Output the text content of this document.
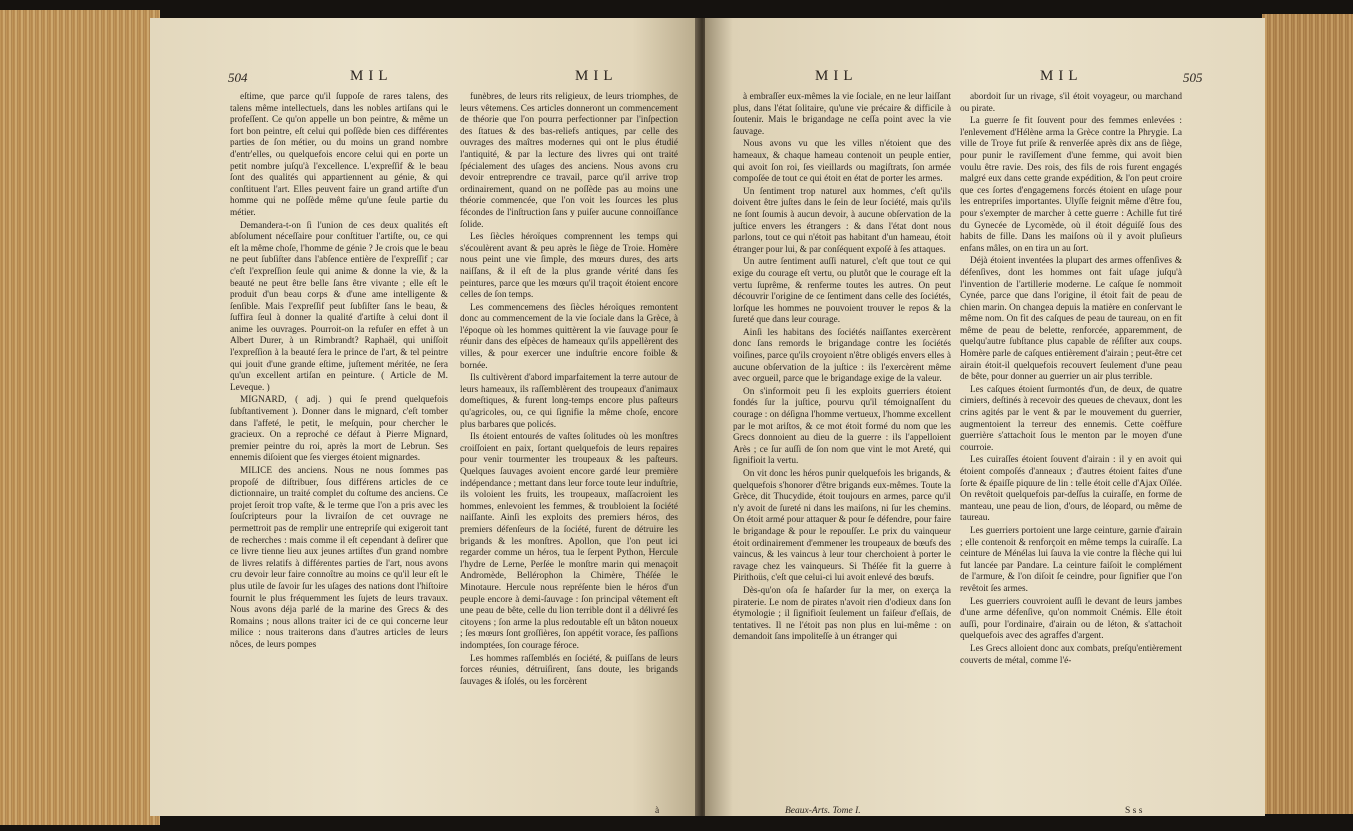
504	MIL	MIL

eſtime, que parce qu'il ſuppoſe de rares talens, des talens même intellectuels, dans les nobles artiſans qui le profeſſent. Ce qu'on appelle un bon peintre, & même un fort bon peintre, eſt celui qui poſſède bien ces différentes parties de ſon métier, ou du moins un grand nombre d'entr'elles, ou quelquefois encore celui qui en porte un petit nombre juſqu'à l'excellence. L'expreſſif & le beau ſont des qualités qui appartiennent au génie, & qui conſtituent l'art. Elles peuvent faire un grand artiſte d'un homme qui ne poſſède même qu'une ſeule partie du métier.

Demandera-t-on ſi l'union de ces deux qualités eſt abſolument néceſſaire pour conſtituer l'artiſte, ou, ce qui eſt la même choſe, l'homme de génie ? Je crois que le beau ne peut ſubſiſter dans l'abſence entière de l'expreſſif ; car c'eſt l'expreſſion ſeule qui anime & donne la vie, & la beauté ne peut être belle ſans être vivante ; elle eſt le produit d'un beau corps & d'une ame intelligente & ſenſible. Mais l'expreſſif peut ſubſiſter ſans le beau, & ſuffira ſeul à donner la qualité d'artiſte à celui dont il anime les ouvrages. Pourroit-on la refuſer en effet à un Albert Durer, à un Rimbrandt? Raphaël, qui uniſſoit l'expreſſion à la beauté ſera le prince de l'art, & tel peintre qui jouit d'une grande eſtime, juſtement méritée, ne ſera qu'un excellent artiſan en peinture. ( Article de M. Leveque. )

MIGNARD, ( adj. ) qui ſe prend quelquefois ſubſtantivement ). Donner dans le mignard, c'eſt tomber dans l'affeté, le petit, le meſquin, pour chercher le gracieux. On a reproché ce défaut à Pierre Mignard, premier peintre du roi, après la mort de Lebrun. Ses ennemis diſoient que ſes vierges étoient mignardes.

MILICE des anciens. Nous ne nous ſommes pas propoſé de diſtribuer, ſous différens articles de ce dictionnaire, un traité complet du coſtume des anciens. Ce projet ſeroit trop vaſte, & le terme que l'on a pris avec les ſouſcripteurs pour la livraiſon de cet ouvrage ne permettroit pas de remplir une entrepriſe qui exigeroit tant de recherches : mais comme il eſt cependant à deſirer que ce livre tienne lieu aux jeunes artiſtes d'un grand nombre de livres relatifs à différentes parties de l'art, nous avons cru devoir leur faire connoître au moins ce qu'il leur eſt le plus utile de ſavoir ſur les uſages des nations dont l'hiſtoire fournit le plus fréquemment les ſujets de leurs travaux. Nous avons déja parlé de la marine des Grecs & des Romains ; nous allons traiter ici de ce qui concerne leur milice : nous traiterons dans d'autres articles de leurs nôces, de leurs pompes

funèbres, de leurs rits religieux, de leurs triomphes, de leurs vêtemens. Ces articles donneront un commencement de théorie que l'on pourra perfectionner par l'inſpection des ſtatues & des bas-reliefs antiques, par celle des ouvrages des maîtres modernes qui ont le plus étudié l'antiquité, & par la lecture des livres qui ont traité ſpécialement des uſages des anciens. Nous avons cru devoir entreprendre ce travail, parce qu'il arrive trop ordinairement, quand on ne poſſède pas au moins une théorie commencée, que l'on voit les ſources les plus fécondes de l'inſtruction ſans y puiſer aucune connoiſſance ſolide.

Les ſiècles héroïques comprennent les temps qui s'écoulèrent avant & peu après le ſiège de Troie. Homère nous peint une vie ſimple, des mœurs dures, des arts naiſſans, & il eſt de la plus grande vérité dans ſes peintures, parce que les mœurs qu'il traçoit étoient encore celles de ſon temps.

Les commencemens des ſiècles héroïques remontent donc au commencement de la vie ſociale dans la Grèce, à l'époque où les hommes quittèrent la vie ſauvage pour ſe réunir dans des eſpèces de hameaux qu'ils appellèrent des villes, & pour exercer une induſtrie encore foible & bornée.

Ils cultivèrent d'abord imparfaitement la terre autour de leurs hameaux, ils raſſemblèrent des troupeaux d'animaux domeſtiques, & furent long-temps encore plus paſteurs qu'agricoles, ou, ce qui ſignifie la même choſe, encore plus barbares que policés.

Ils étoient entourés de vaſtes ſolitudes où les monſtres croiſſoient en paix, ſortant quelquefois de leurs repaires pour venir tourmenter les troupeaux & les paſteurs. Quelques ſauvages avoient encore gardé leur première indépendance ; mettant dans leur force toute leur induſtrie, ils voloient les fruits, les troupeaux, maſſacroient les hommes, enlevoient les femmes, & troubloient la ſociété naiſſante. Ainſi les exploits des premiers héros, des premiers défenſeurs de la ſociété, furent de détruire les brigands & les monſtres. Apollon, que l'on peut ici regarder comme un héros, tua le ſerpent Python, Hercule l'hydre de Lerne, Perſée le monſtre marin qui menaçoit Andromède, Bellérophon la Chimère, Théſée le Minotaure. Hercule nous repréſente bien le héros d'un peuple encore à demi-ſauvage : ſon principal vêtement eſt une peau de bête, celle du lion terrible dont il a délivré ſes citoyens ; ſon arme la plus redoutable eſt un bâton noueux ; ſes mœurs ſont groſſières, ſon appétit vorace, ſes paſſions indomptées, ſon courage féroce.

Les hommes raſſemblés en ſociété, & puiſſans de leurs forces réunies, détruiſirent, ſans doute, les brigands ſauvages & iſolés, ou les forcèrent

à
MIL	MIL	505

à embraſſer eux-mêmes la vie ſociale, en ne leur laiſſant plus, dans l'état ſolitaire, qu'une vie précaire & difficile à ſoutenir. Mais le brigandage ne ceſſa point avec la vie ſauvage.

Nous avons vu que les villes n'étoient que des hameaux, & chaque hameau contenoit un peuple entier, qui avoit ſon roi, ſes vieillards ou magiſtrats, ſon armée compoſée de tout ce qui étoit en état de porter les armes.

Un ſentiment trop naturel aux hommes, c'eſt qu'ils doivent être juſtes dans le ſein de leur ſociété, mais qu'ils ne ſont ſoumis à aucun devoir, à aucune obſervation de la juſtice envers les étrangers : & dans l'état dont nous parlons, tout ce qui n'étoit pas habitant d'un hameau, étoit étranger pour lui, & par conſéquent expoſé à ſes attaques.

Un autre ſentiment auſſi naturel, c'eſt que tout ce qui exige du courage eſt vertu, ou plutôt que le courage eſt la vertu ſuprême, & renferme toutes les autres. On peut découvrir l'origine de ce ſentiment dans celle des ſociétés, lorſque les hommes ne pouvoient trouver le repos & la ſureté que dans leur courage.

Ainſi les habitans des ſociétés naiſſantes exercèrent donc ſans remords le brigandage contre les ſociétés voiſines, parce qu'ils croyoient n'être obligés envers elles à aucune obſervation de la juſtice : ils l'exercèrent même avec orgueil, parce que le brigandage exige de la valeur.

On s'informoit peu ſi les exploits guerriers étoient fondés ſur la juſtice, pourvu qu'il témoignaſſent du courage : on déſigna l'homme vertueux, l'homme excellent par le mot ariſtos, & ce mot étoit formé du nom que les Grecs donnoient au dieu de la guerre : ils l'appelloient Arès ; ce ſur auſſi de ſon nom que vint le mot Areté, qui ſignifioit la vertu.

On vit donc les héros punir quelquefois les brigands, & quelquefois s'honorer d'être brigands eux-mêmes. Toute la Grèce, dit Thucydide, étoit toujours en armes, parce qu'il n'y avoit de ſureté ni dans les maiſons, ni ſur les chemins. On étoit armé pour attaquer & pour ſe défendre, pour faire le brigandage & pour le repouſſer. Le prix du vainqueur étoit ordinairement d'emmener les troupeaux de bœufs des vaincus, & les vaincus à leur tour cherchoient à porter le ravage chez les vainqueurs. Si Théſée fit la guerre à Pirithoüs, c'eſt que celui-ci lui avoit enlevé des bœufs.

Dès-qu'on oſa ſe haſarder ſur la mer, on exerça la piraterie. Le nom de pirates n'avoit rien d'odieux dans ſon étymologie ; il ſignifioit ſeulement un faiſeur d'eſſais, de tentatives. Il ne l'étoit pas non plus en lui-même : on demandoit ſans impoliteſſe à un étranger qui

abordoit ſur un rivage, s'il étoit voyageur, ou marchand ou pirate.

La guerre ſe fit ſouvent pour des femmes enlevées : l'enlevement d'Hélène arma la Grèce contre la Phrygie. La ville de Troye fut priſe & renverſée après dix ans de ſiège, pour punir le raviſſement d'une femme, qui avoit bien voulu être ravie. Des rois, des fils de rois furent engagés malgré eux dans cette grande expédition, & l'on peut croire que ces ſortes d'engagemens forcés étoient en uſage pour les entrepriſes importantes. Ulyſſe feignit même d'être fou, pour s'exempter de marcher à cette guerre : Achille fut tiré du Gynecée de Lycomède, où il étoit déguiſé ſous des habits de fille. Dans les maiſons où il y avoit pluſieurs enfans mâles, on en tira un au ſort.

Déjà étoient inventées la plupart des armes offenſives & défenſives, dont les hommes ont fait uſage juſqu'à l'invention de l'artillerie moderne. Le caſque ſe nommoit Cynée, parce que dans l'origine, il étoit fait de peau de chien marin. On changea depuis la matière en conſervant le même nom. On fit des caſques de peau de taureau, on en fit même de peau de belette, renforcée, apparemment, de quelqu'autre ſubſtance plus capable de réſiſter aux coups. Homère parle de caſques entièrement d'airain ; peut-être cet airain étoit-il quelquefois recouvert ſeulement d'une peau de bête, pour donner au guerrier un air plus terrible.

Les caſques étoient ſurmontés d'un, de deux, de quatre cimiers, deſtinés à recevoir des queues de chevaux, dont les crins agités par le vent & par le mouvement du guerrier, augmentoient la terreur des ennemis. Cette coëffure guerrière s'attachoit ſous le menton par le moyen d'une courroie.

Les cuiraſſes étoient ſouvent d'airain : il y en avoit qui étoient compoſés d'anneaux ; d'autres étoient faites d'une ſorte & épaiſſe piquure de lin : telle étoit celle d'Ajax Oïlée. On revêtoit quelquefois par-deſſus la cuiraſſe, en forme de manteau, une peau de lion, d'ours, de léopard, ou même de taureau.

Les guerriers portoient une large ceinture, garnie d'airain ; elle contenoit & renforçoit en même temps la cuiraſſe. La ceinture de Ménélas lui ſauva la vie contre la flèche qui lui fut lancée par Pandare. La ceinture faiſoit le complément de l'armure, & l'on diſoit ſe ceindre, pour ſignifier que l'on revêtoit ſes armes.

Les guerriers couvroient auſſi le devant de leurs jambes d'une arme défenſive, qu'on nommoit Cnémis. Elle étoit auſſi, pour l'ordinaire, d'airain ou de léton, & s'attachoit quelquefois avec des agraffes d'argent.

Les Grecs alloient donc aux combats, preſqu'entièrement couverts de métal, comme l'é-

Beaux-Arts. Tome I.	S s s
